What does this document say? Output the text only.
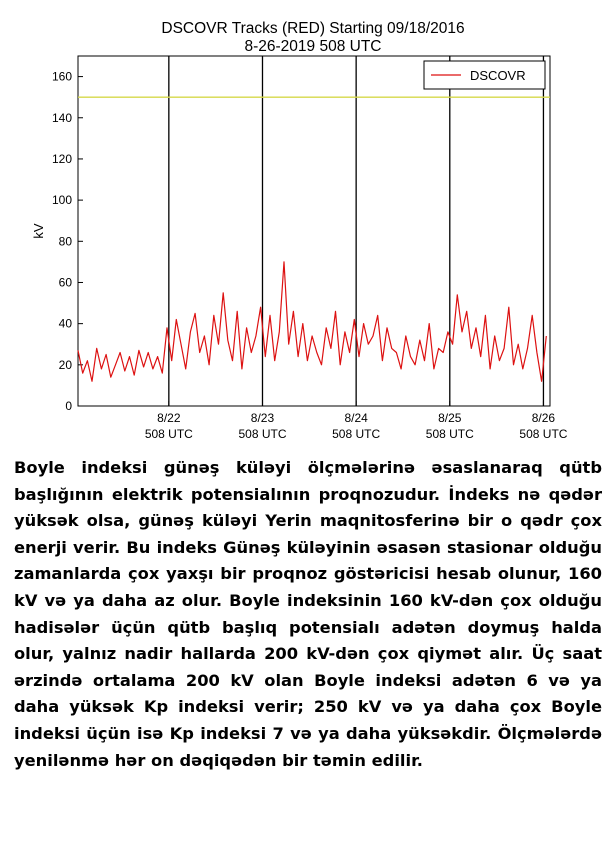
DSCOVR Tracks (RED) Starting 09/18/2016
8-26-2019 508 UTC
0
20
40
60
80
100
120
140
160
kV
8/22
508 UTC
8/23
508 UTC
8/24
508 UTC
8/25
508 UTC
8/26
508 UTC
DSCOVR

Boyle indeksi günəş küləyi ölçmələrinə əsaslanaraq qütb başlığının elektrik potensialının proqnozudur. İndeks nə qədər yüksək olsa, günəş küləyi Yerin maqnitosferinə bir o qədr çox enerji verir. Bu indeks Günəş küləyinin əsasən stasionar olduğu zamanlarda çox yaxşı bir proqnoz göstəricisi hesab olunur, 160 kV və ya daha az olur. Boyle indeksinin 160 kV-dən çox olduğu hadisələr üçün qütb başlıq potensialı adətən doymuş halda olur, yalnız nadir hallarda 200 kV-dən çox qiymət alır. Üç saat ərzində ortalama 200 kV olan Boyle indeksi adətən 6 və ya daha yüksək Kp indeksi verir; 250 kV və ya daha çox Boyle indeksi üçün isə Kp indeksi 7 və ya daha yüksəkdir. Ölçmələrdə yenilənmə hər on dəqiqədən bir təmin edilir.
